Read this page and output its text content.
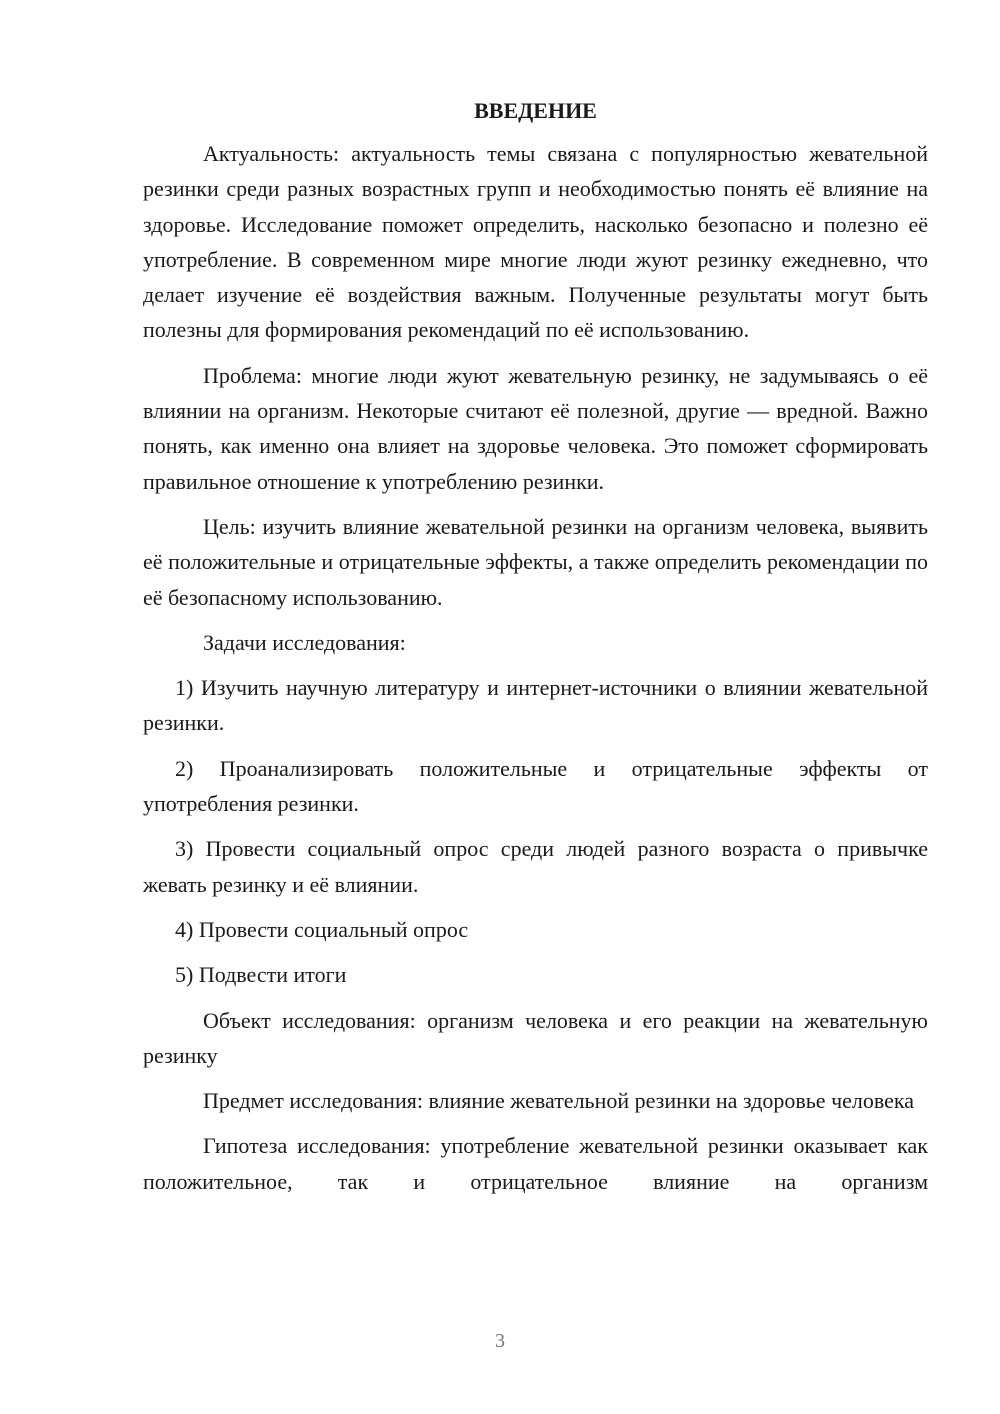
ВВЕДЕНИЕ

Актуальность: актуальность темы связана с популярностью жевательной резинки среди разных возрастных групп и необходимостью понять её влияние на здоровье. Исследование поможет определить, насколько безопасно и полезно её употребление. В современном мире многие люди жуют резинку ежедневно, что делает изучение её воздействия важным. Полученные результаты могут быть полезны для формирования рекомендаций по её использованию.

Проблема: многие люди жуют жевательную резинку, не задумываясь о её влиянии на организм. Некоторые считают её полезной, другие — вредной. Важно понять, как именно она влияет на здоровье человека. Это поможет сформировать правильное отношение к употреблению резинки.

Цель: изучить влияние жевательной резинки на организм человека, выявить её положительные и отрицательные эффекты, а также определить рекомендации по её безопасному использованию.

Задачи исследования:

1) Изучить научную литературу и интернет-источники о влиянии жевательной резинки.

2) Проанализировать положительные и отрицательные эффекты от употребления резинки.

3) Провести социальный опрос среди людей разного возраста о привычке жевать резинку и её влиянии.

4) Провести социальный опрос

5) Подвести итоги

Объект исследования: организм человека и его реакции на жевательную резинку

Предмет исследования: влияние жевательной резинки на здоровье человека

Гипотеза исследования: употребление жевательной резинки оказывает как положительное, так и отрицательное влияние на организм

3
